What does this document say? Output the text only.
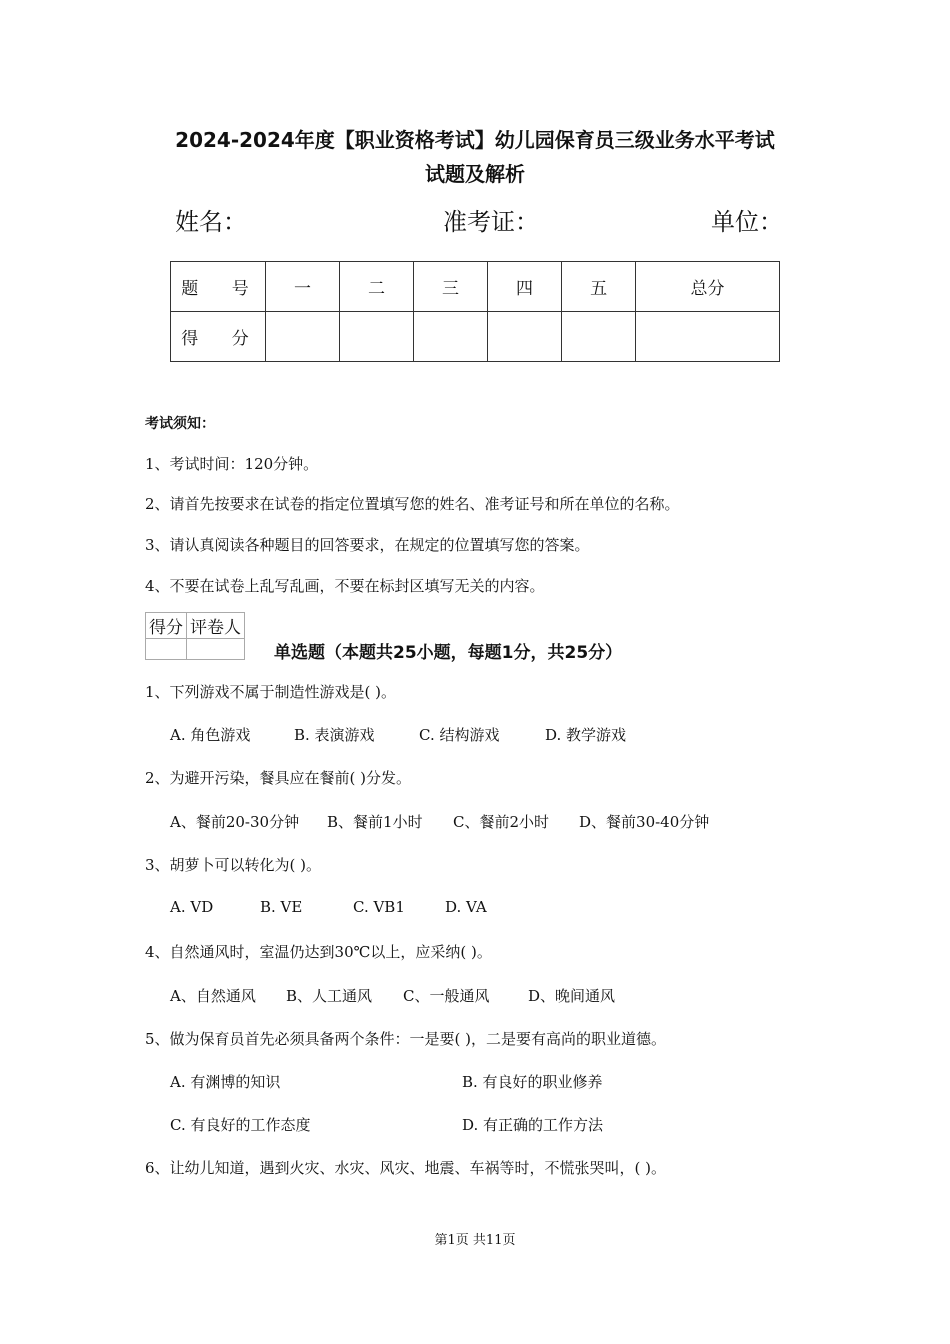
2024-2024年度【职业资格考试】幼儿园保育员三级业务水平考试
试题及解析
姓名：	准考证：	单位：
题 号	一	二	三	四	五	总分
得 分						
考试须知：
1、考试时间：120分钟。
2、请首先按要求在试卷的指定位置填写您的姓名、准考证号和所在单位的名称。
3、请认真阅读各种题目的回答要求，在规定的位置填写您的答案。
4、不要在试卷上乱写乱画，不要在标封区填写无关的内容。
得分	评卷人

单选题（本题共25小题，每题1分，共25分）
1、下列游戏不属于制造性游戏是( )。
A. 角色游戏	B. 表演游戏	C. 结构游戏	D. 教学游戏
2、为避开污染，餐具应在餐前( )分发。
A、餐前20-30分钟 B、餐前1小时 C、餐前2小时 D、餐前30-40分钟
3、胡萝卜可以转化为( )。
A. VD	B. VE	C. VB1	D. VA
4、自然通风时，室温仍达到30℃以上，应采纳( )。
A、自然通风 B、人工通风 C、一般通风	D、晚间通风
5、做为保育员首先必须具备两个条件：一是要( )，二是要有高尚的职业道德。
A. 有渊博的知识	B. 有良好的职业修养
C. 有良好的工作态度	D. 有正确的工作方法
6、让幼儿知道，遇到火灾、水灾、风灾、地震、车祸等时，不慌张哭叫，( )。
第1页 共11页
